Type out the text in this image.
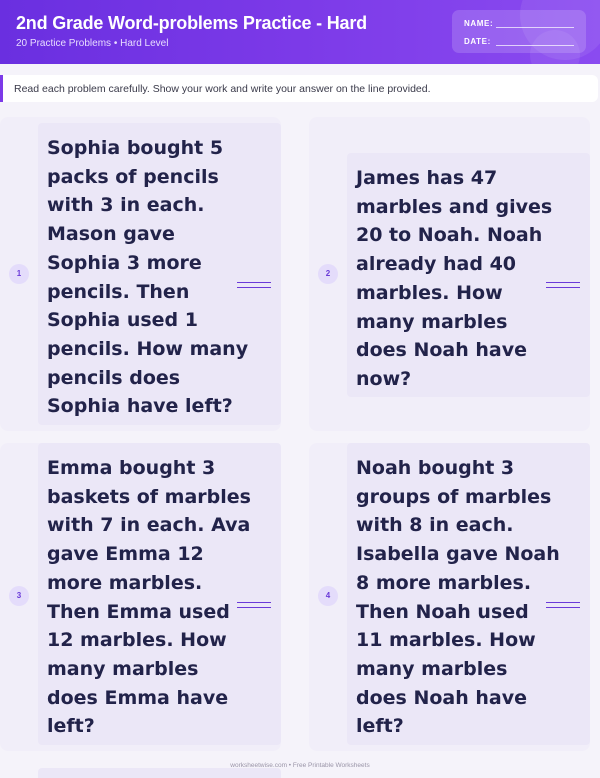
2nd Grade Word-problems Practice - Hard
20 Practice Problems • Hard Level
NAME:
DATE:
Read each problem carefully. Show your work and write your answer on the line provided.
1
Sophia bought 5
packs of pencils
with 3 in each.
Mason gave
Sophia 3 more
pencils. Then
Sophia used 1
pencils. How many
pencils does
Sophia have left?
2
James has 47
marbles and gives
20 to Noah. Noah
already had 40
marbles. How
many marbles
does Noah have
now?
3
Emma bought 3
baskets of marbles
with 7 in each. Ava
gave Emma 12
more marbles.
Then Emma used
12 marbles. How
many marbles
does Emma have
left?
4
Noah bought 3
groups of marbles
with 8 in each.
Isabella gave Noah
8 more marbles.
Then Noah used
11 marbles. How
many marbles
does Noah have
left?
worksheetwise.com • Free Printable Worksheets
